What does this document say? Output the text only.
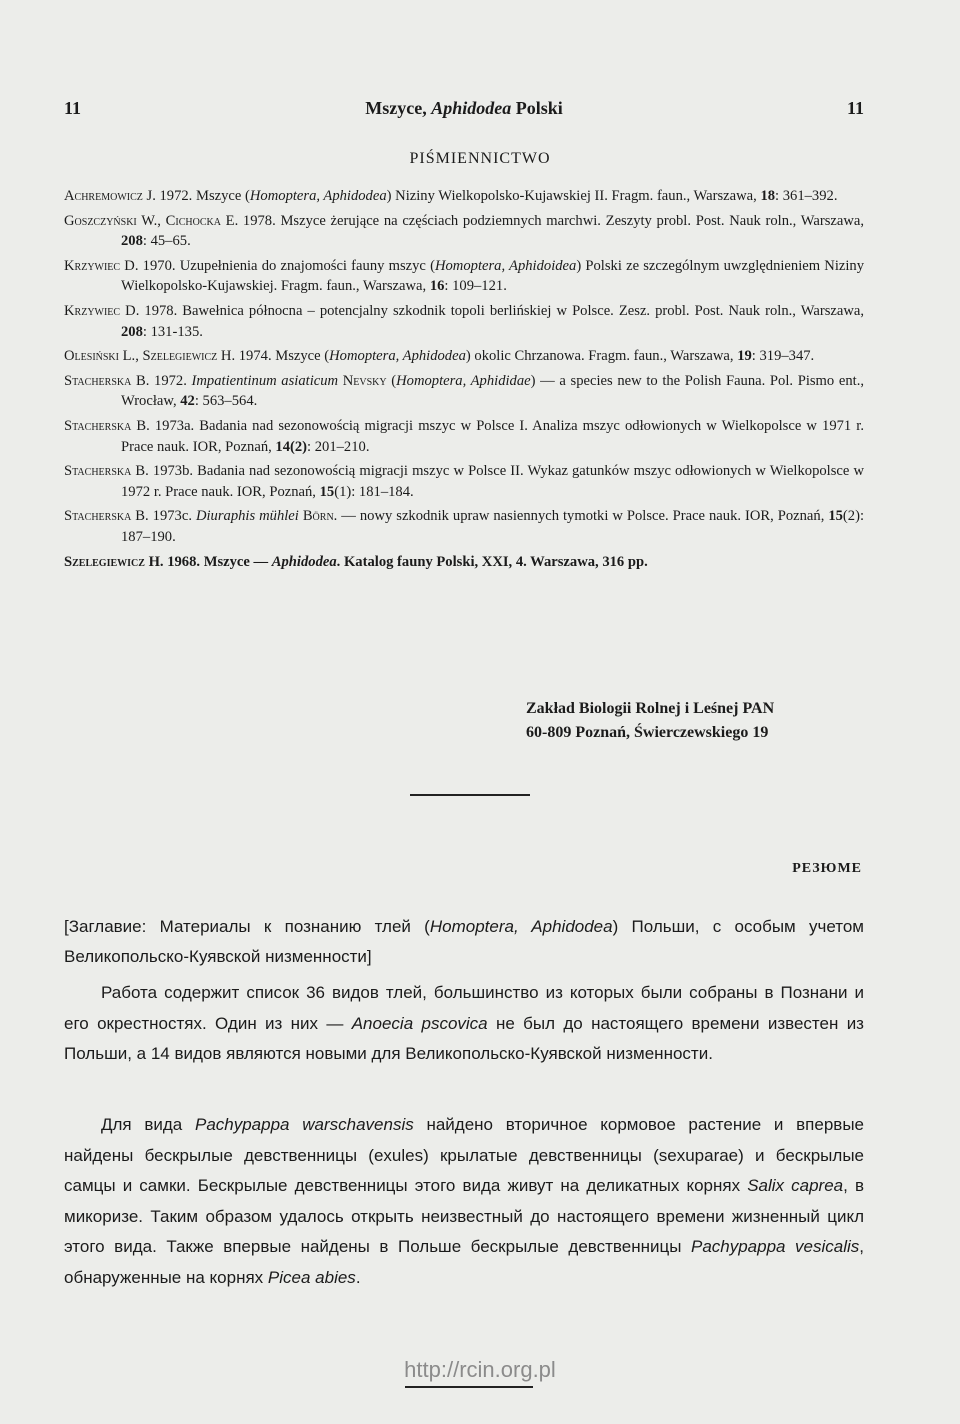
11	Mszyce, Aphidodea Polski	11
PIŚMIENNICTWO
Achremowicz J. 1972. Mszyce (Homoptera, Aphidodea) Niziny Wielkopolsko-Kujawskiej II. Fragm. faun., Warszawa, 18: 361–392.
Goszczyński W., Cichocka E. 1978. Mszyce żerujące na częściach podziemnych marchwi. Zeszyty probl. Post. Nauk roln., Warszawa, 208: 45–65.
Krzywiec D. 1970. Uzupełnienia do znajomości fauny mszyc (Homoptera, Aphidoidea) Polski ze szczególnym uwzględnieniem Niziny Wielkopolsko-Kujawskiej. Fragm. faun., Warszawa, 16: 109–121.
Krzywiec D. 1978. Bawełnica północna – potencjalny szkodnik topoli berlińskiej w Polsce. Zesz. probl. Post. Nauk roln., Warszawa, 208: 131-135.
Olesiński L., Szelegiewicz H. 1974. Mszyce (Homoptera, Aphidodea) okolic Chrzanowa. Fragm. faun., Warszawa, 19: 319–347.
Stacherska B. 1972. Impatientinum asiaticum Nevsky (Homoptera, Aphididae) — a species new to the Polish Fauna. Pol. Pismo ent., Wrocław, 42: 563–564.
Stacherska B. 1973a. Badania nad sezonowością migracji mszyc w Polsce I. Analiza mszyc odłowionych w Wielkopolsce w 1971 r. Prace nauk. IOR, Poznań, 14(2): 201–210.
Stacherska B. 1973b. Badania nad sezonowością migracji mszyc w Polsce II. Wykaz gatunków mszyc odłowionych w Wielkopolsce w 1972 r. Prace nauk. IOR, Poznań, 15(1): 181–184.
Stacherska B. 1973c. Diuraphis mühlei Börn. — nowy szkodnik upraw nasiennych tymotki w Polsce. Prace nauk. IOR, Poznań, 15(2): 187–190.
Szelegiewicz H. 1968. Mszyce — Aphidodea. Katalog fauny Polski, XXI, 4. Warszawa, 316 pp.
Zakład Biologii Rolnej i Leśnej PAN
60-809 Poznań, Świerczewskiego 19
РЕЗЮМЕ
[Заглавие: Материалы к познанию тлей (Homoptera, Aphidodea) Польши, с особым учетом Великопольско-Куявской низменности]
Работа содержит список 36 видов тлей, большинство из которых были собраны в Познани и его окрестностях. Один из них — Anoecia pscovica не был до настоящего времени известен из Польши, а 14 видов являются новыми для Великопольско-Куявской низменности.
Для вида Pachypappa warschavensis найдено вторичное кормовое растение и впервые найдены бескрылые девственницы (exules) крылатые девственницы (sexuparae) и бескрылые самцы и самки. Бескрылые девственницы этого вида живут на деликатных корнях Salix caprea, в микоризе. Таким образом удалось открыть неизвестный до настоящего времени жизненный цикл этого вида. Также впервые найдены в Польше бескрылые девственницы Pachypappa vesicalis, обнаруженные на корнях Picea abies.
http://rcin.org.pl
